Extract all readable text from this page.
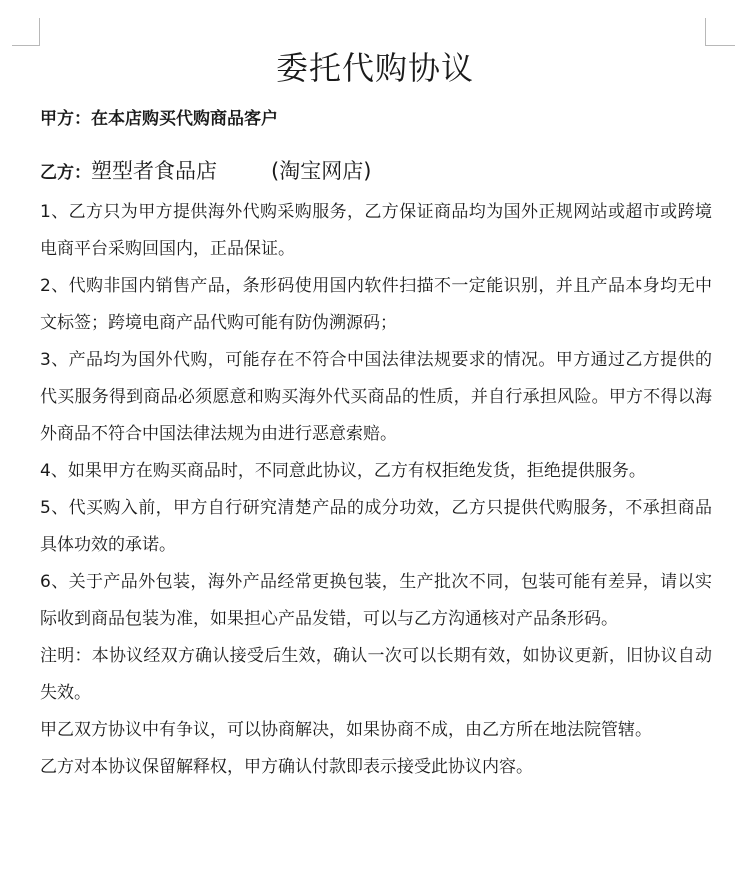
委托代购协议
甲方：在本店购买代购商品客户
乙方：塑型者食品店	(淘宝网店)

1、乙方只为甲方提供海外代购采购服务，乙方保证商品均为国外正规网站或超市或跨境电商平台采购回国内，正品保证。

2、代购非国内销售产品，条形码使用国内软件扫描不一定能识别，并且产品本身均无中文标签；跨境电商产品代购可能有防伪溯源码；

3、产品均为国外代购，可能存在不符合中国法律法规要求的情况。甲方通过乙方提供的代买服务得到商品必须愿意和购买海外代买商品的性质，并自行承担风险。甲方不得以海外商品不符合中国法律法规为由进行恶意索赔。

4、如果甲方在购买商品时，不同意此协议，乙方有权拒绝发货，拒绝提供服务。

5、代买购入前，甲方自行研究清楚产品的成分功效，乙方只提供代购服务，不承担商品具体功效的承诺。

6、关于产品外包装，海外产品经常更换包装，生产批次不同，包装可能有差异，请以实际收到商品包装为准，如果担心产品发错，可以与乙方沟通核对产品条形码。

注明：本协议经双方确认接受后生效，确认一次可以长期有效，如协议更新，旧协议自动失效。

甲乙双方协议中有争议，可以协商解决，如果协商不成，由乙方所在地法院管辖。

乙方对本协议保留解释权，甲方确认付款即表示接受此协议内容。
